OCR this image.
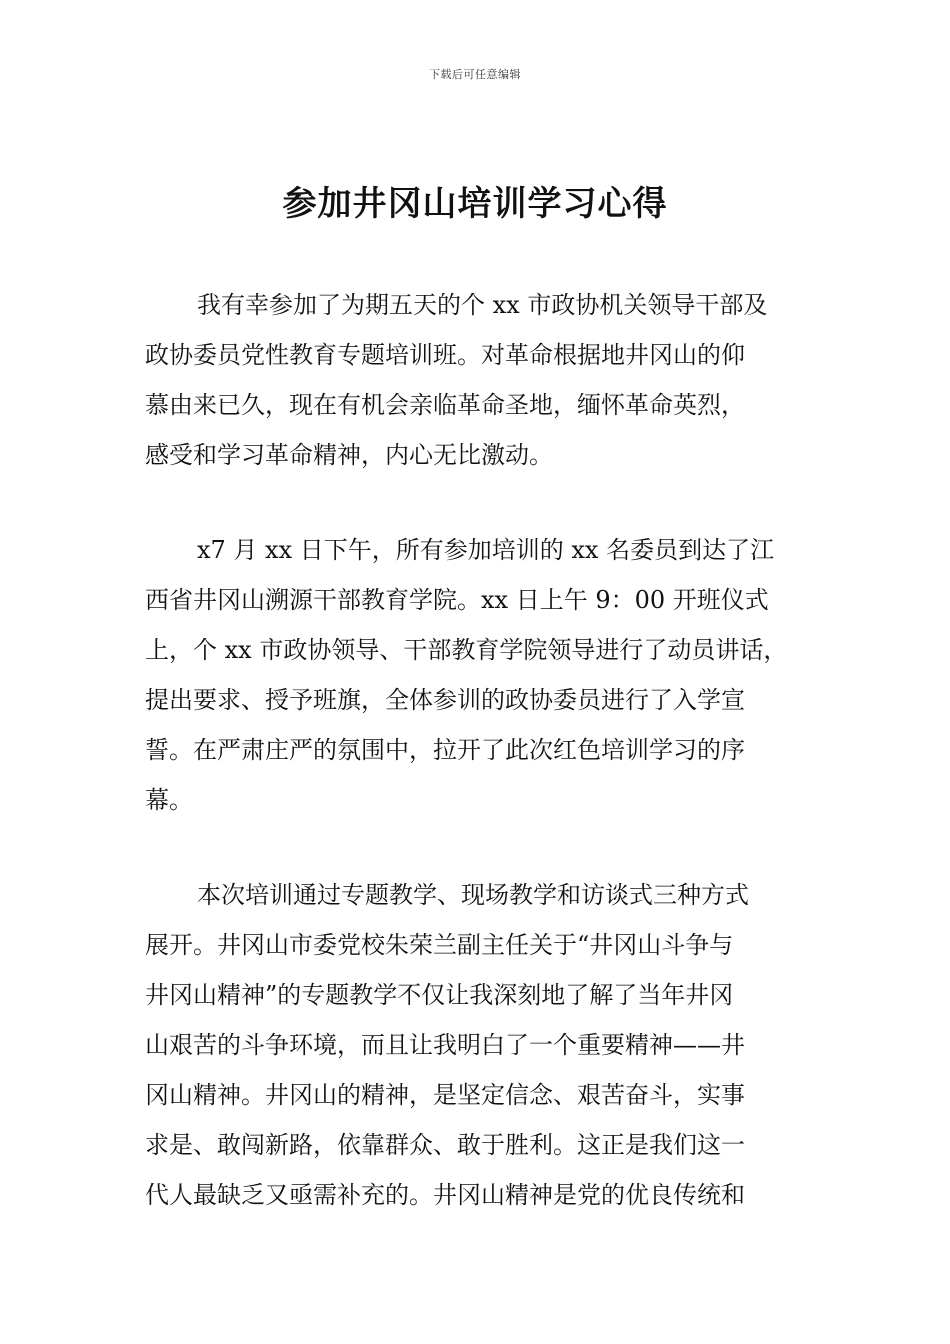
下载后可任意编辑
参加井冈山培训学习心得
我有幸参加了为期五天的个 xx 市政协机关领导干部及
政协委员党性教育专题培训班。对革命根据地井冈山的仰
慕由来已久，现在有机会亲临革命圣地，缅怀革命英烈，
感受和学习革命精神，内心无比激动。
x7 月 xx 日下午，所有参加培训的 xx 名委员到达了江
西省井冈山溯源干部教育学院。xx 日上午 9：00 开班仪式
上，个 xx 市政协领导、干部教育学院领导进行了动员讲话，
提出要求、授予班旗，全体参训的政协委员进行了入学宣
誓。在严肃庄严的氛围中，拉开了此次红色培训学习的序
幕。
本次培训通过专题教学、现场教学和访谈式三种方式
展开。井冈山市委党校朱荣兰副主任关于“井冈山斗争与
井冈山精神”的专题教学不仅让我深刻地了解了当年井冈
山艰苦的斗争环境，而且让我明白了一个重要精神——井
冈山精神。井冈山的精神，是坚定信念、艰苦奋斗，实事
求是、敢闯新路，依靠群众、敢于胜利。这正是我们这一
代人最缺乏又亟需补充的。井冈山精神是党的优良传统和
